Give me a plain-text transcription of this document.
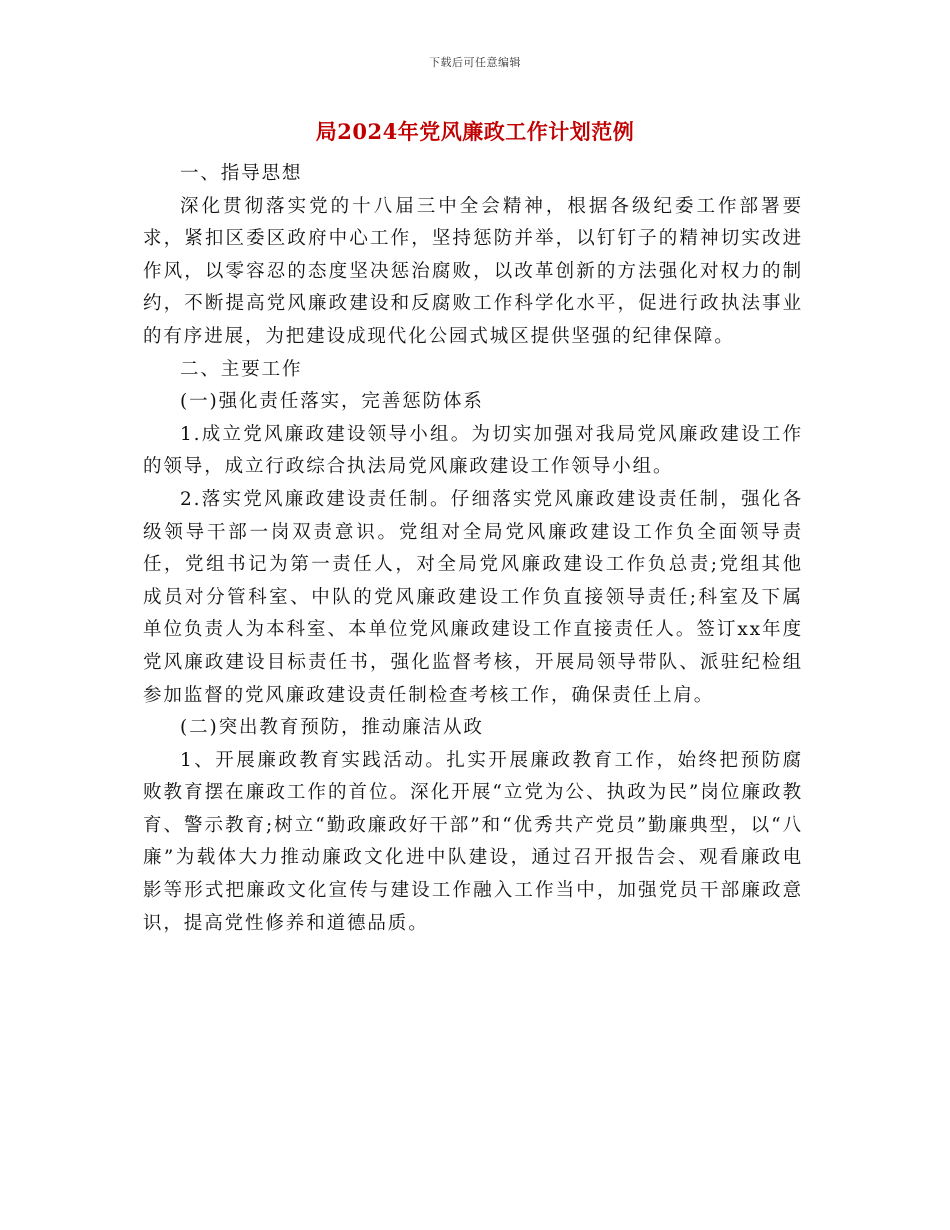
下载后可任意编辑
局2024年党风廉政工作计划范例

一、指导思想

深化贯彻落实党的十八届三中全会精神，根据各级纪委工作部署要求，紧扣区委区政府中心工作，坚持惩防并举，以钉钉子的精神切实改进作风，以零容忍的态度坚决惩治腐败，以改革创新的方法强化对权力的制约，不断提高党风廉政建设和反腐败工作科学化水平，促进行政执法事业的有序进展，为把建设成现代化公园式城区提供坚强的纪律保障。

二、主要工作

(一)强化责任落实，完善惩防体系

1.成立党风廉政建设领导小组。为切实加强对我局党风廉政建设工作的领导，成立行政综合执法局党风廉政建设工作领导小组。

2.落实党风廉政建设责任制。仔细落实党风廉政建设责任制，强化各级领导干部一岗双责意识。党组对全局党风廉政建设工作负全面领导责任，党组书记为第一责任人，对全局党风廉政建设工作负总责;党组其他成员对分管科室、中队的党风廉政建设工作负直接领导责任;科室及下属单位负责人为本科室、本单位党风廉政建设工作直接责任人。签订xx年度党风廉政建设目标责任书，强化监督考核，开展局领导带队、派驻纪检组参加监督的党风廉政建设责任制检查考核工作，确保责任上肩。

(二)突出教育预防，推动廉洁从政

1、开展廉政教育实践活动。扎实开展廉政教育工作，始终把预防腐败教育摆在廉政工作的首位。深化开展“立党为公、执政为民”岗位廉政教育、警示教育;树立“勤政廉政好干部”和“优秀共产党员”勤廉典型，以“八廉”为载体大力推动廉政文化进中队建设，通过召开报告会、观看廉政电影等形式把廉政文化宣传与建设工作融入工作当中，加强党员干部廉政意识，提高党性修养和道德品质。
